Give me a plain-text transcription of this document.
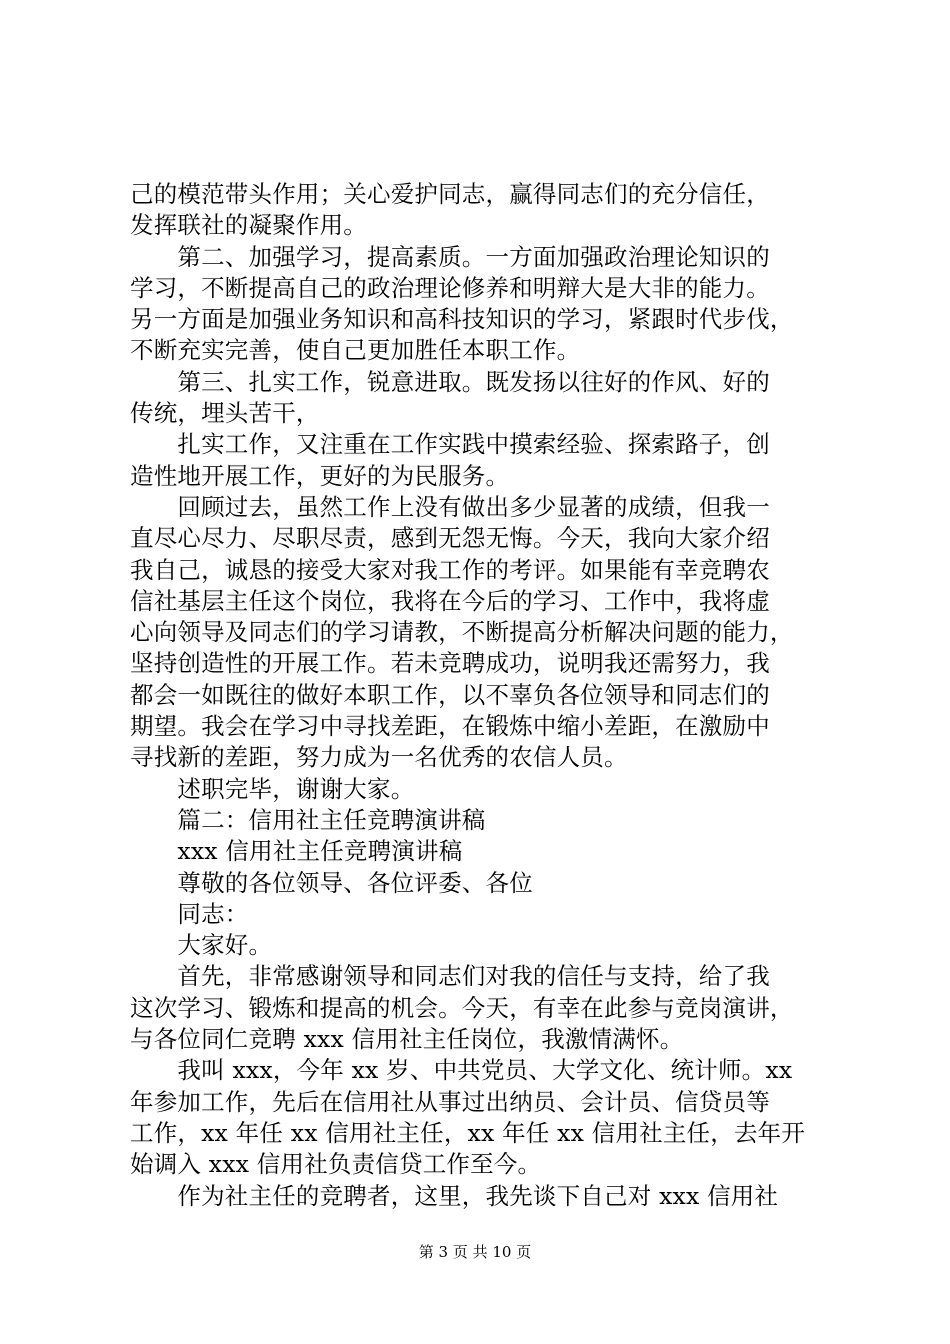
己的模范带头作用；关心爱护同志，赢得同志们的充分信任，
发挥联社的凝聚作用。
　　第二、加强学习，提高素质。一方面加强政治理论知识的
学习，不断提高自己的政治理论修养和明辩大是大非的能力。
另一方面是加强业务知识和高科技知识的学习，紧跟时代步伐，
不断充实完善，使自己更加胜任本职工作。
　　第三、扎实工作，锐意进取。既发扬以往好的作风、好的
传统，埋头苦干，
　　扎实工作，又注重在工作实践中摸索经验、探索路子，创
造性地开展工作，更好的为民服务。
　　回顾过去，虽然工作上没有做出多少显著的成绩，但我一
直尽心尽力、尽职尽责，感到无怨无悔。今天，我向大家介绍
我自己，诚恳的接受大家对我工作的考评。如果能有幸竞聘农
信社基层主任这个岗位，我将在今后的学习、工作中，我将虚
心向领导及同志们的学习请教，不断提高分析解决问题的能力，
坚持创造性的开展工作。若未竞聘成功，说明我还需努力，我
都会一如既往的做好本职工作，以不辜负各位领导和同志们的
期望。我会在学习中寻找差距，在锻炼中缩小差距，在激励中
寻找新的差距，努力成为一名优秀的农信人员。
　　述职完毕，谢谢大家。
　　篇二：信用社主任竞聘演讲稿
　　xxx 信用社主任竞聘演讲稿
　　尊敬的各位领导、各位评委、各位
　　同志：
　　大家好。
　　首先，非常感谢领导和同志们对我的信任与支持，给了我
这次学习、锻炼和提高的机会。今天，有幸在此参与竞岗演讲，
与各位同仁竞聘 xxx 信用社主任岗位，我激情满怀。
　　我叫 xxx，今年 xx 岁、中共党员、大学文化、统计师。xx
年参加工作，先后在信用社从事过出纳员、会计员、信贷员等
工作，xx 年任 xx 信用社主任，xx 年任 xx 信用社主任，去年开
始调入 xxx 信用社负责信贷工作至今。
　　作为社主任的竞聘者，这里，我先谈下自己对 xxx 信用社
第 3 页 共 10 页
